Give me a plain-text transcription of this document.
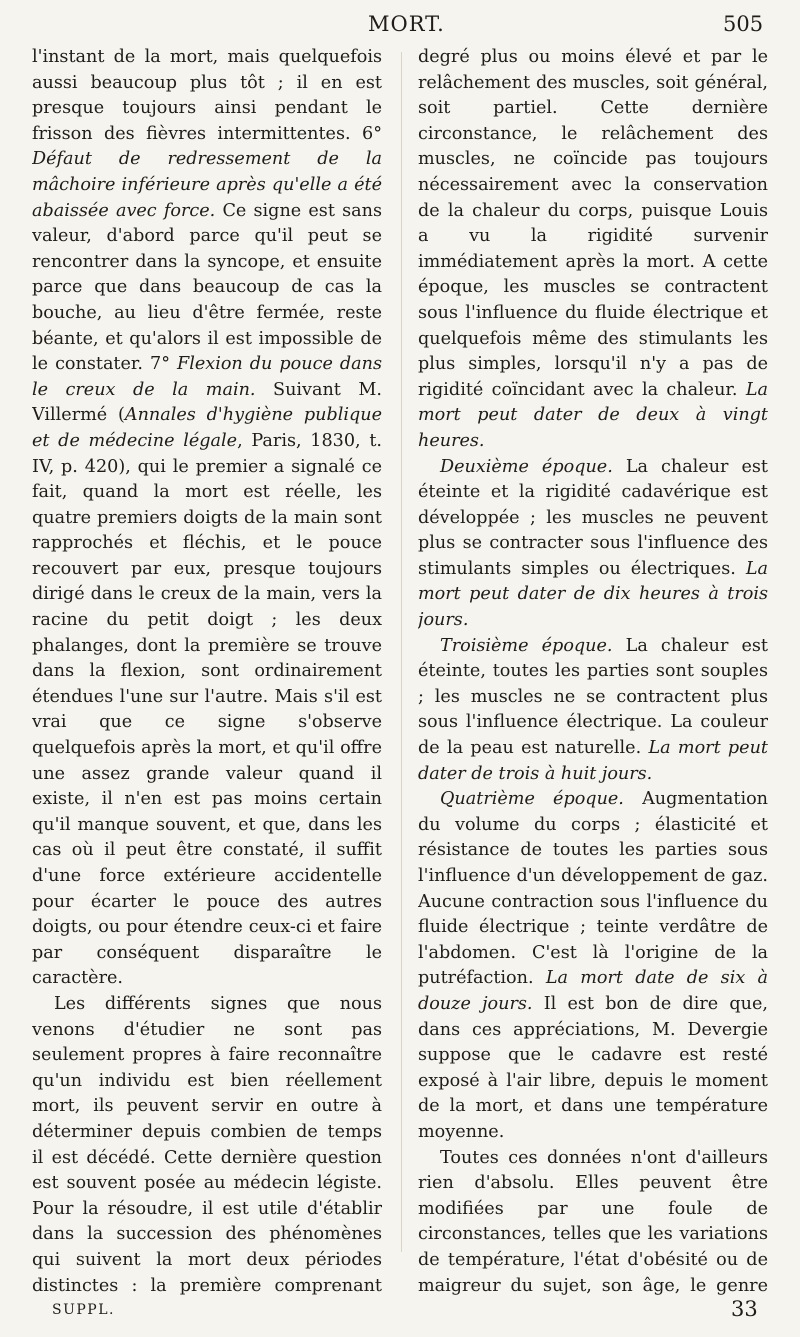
MORT.	505

l'instant de la mort, mais quelquefois aussi beaucoup plus tôt ; il en est presque toujours ainsi pendant le frisson des fièvres intermittentes. 6° Défaut de redressement de la mâchoire inférieure après qu'elle a été abaissée avec force. Ce signe est sans valeur, d'abord parce qu'il peut se rencontrer dans la syncope, et ensuite parce que dans beaucoup de cas la bouche, au lieu d'être fermée, reste béante, et qu'alors il est impossible de le constater. 7° Flexion du pouce dans le creux de la main. Suivant M. Villermé (Annales d'hygiène publique et de médecine légale, Paris, 1830, t. IV, p. 420), qui le premier a signalé ce fait, quand la mort est réelle, les quatre premiers doigts de la main sont rapprochés et fléchis, et le pouce recouvert par eux, presque toujours dirigé dans le creux de la main, vers la racine du petit doigt ; les deux phalanges, dont la première se trouve dans la flexion, sont ordinairement étendues l'une sur l'autre. Mais s'il est vrai que ce signe s'observe quelquefois après la mort, et qu'il offre une assez grande valeur quand il existe, il n'en est pas moins certain qu'il manque souvent, et que, dans les cas où il peut être constaté, il suffit d'une force extérieure accidentelle pour écarter le pouce des autres doigts, ou pour étendre ceux-ci et faire par conséquent disparaître le caractère.

Les différents signes que nous venons d'étudier ne sont pas seulement propres à faire reconnaître qu'un individu est bien réellement mort, ils peuvent servir en outre à déterminer depuis combien de temps il est décédé. Cette dernière question est souvent posée au médecin légiste. Pour la résoudre, il est utile d'établir dans la succession des phénomènes qui suivent la mort deux périodes distinctes : la première comprenant

degré plus ou moins élevé et par le relâchement des muscles, soit général, soit partiel. Cette dernière circonstance, le relâchement des muscles, ne coïncide pas toujours nécessairement avec la conservation de la chaleur du corps, puisque Louis a vu la rigidité survenir immédiatement après la mort. A cette époque, les muscles se contractent sous l'influence du fluide électrique et quelquefois même des stimulants les plus simples, lorsqu'il n'y a pas de rigidité coïncidant avec la chaleur. La mort peut dater de deux à vingt heures.

Deuxième époque. La chaleur est éteinte et la rigidité cadavérique est développée ; les muscles ne peuvent plus se contracter sous l'influence des stimulants simples ou électriques. La mort peut dater de dix heures à trois jours.

Troisième époque. La chaleur est éteinte, toutes les parties sont souples ; les muscles ne se contractent plus sous l'influence électrique. La couleur de la peau est naturelle. La mort peut dater de trois à huit jours.

Quatrième époque. Augmentation du volume du corps ; élasticité et résistance de toutes les parties sous l'influence d'un développement de gaz. Aucune contraction sous l'influence du fluide électrique ; teinte verdâtre de l'abdomen. C'est là l'origine de la putréfaction. La mort date de six à douze jours. Il est bon de dire que, dans ces appréciations, M. Devergie suppose que le cadavre est resté exposé à l'air libre, depuis le moment de la mort, et dans une température moyenne.

Toutes ces données n'ont d'ailleurs rien d'absolu. Elles peuvent être modifiées par une foule de circonstances, telles que les variations de température, l'état d'obésité ou de maigreur du sujet, son âge, le genre

SUPPL.	33
